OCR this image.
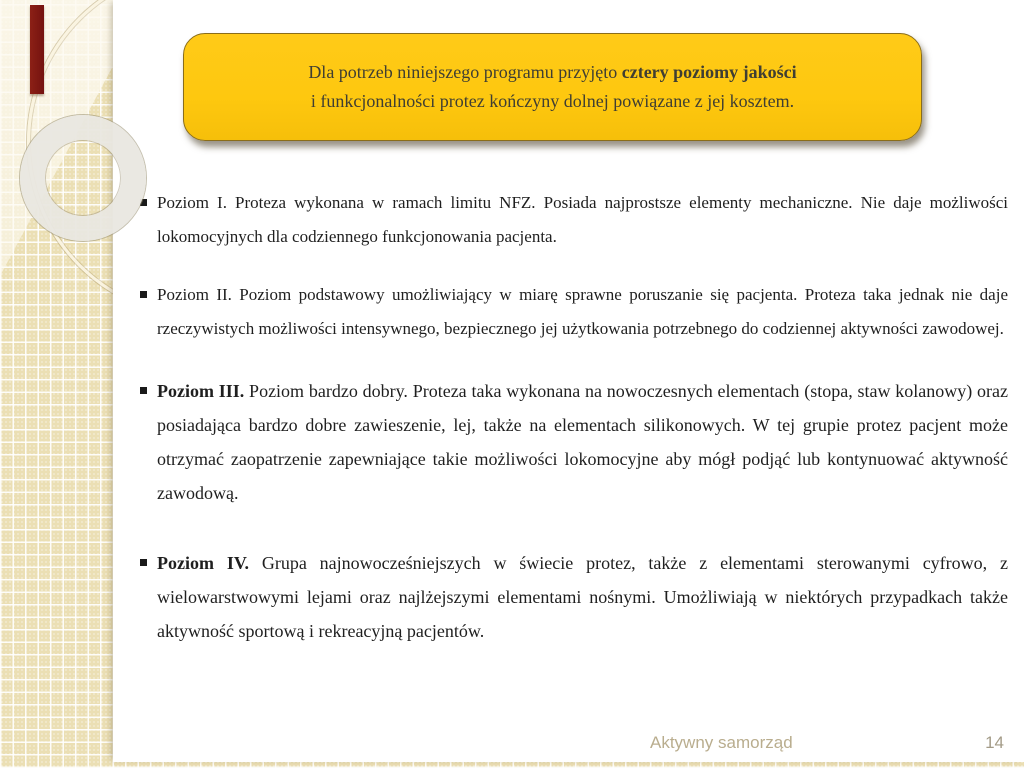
Dla potrzeb niniejszego programu przyjęto cztery poziomy jakości
i funkcjonalności protez kończyny dolnej powiązane z jej kosztem.
Poziom I. Proteza wykonana w ramach limitu NFZ. Posiada najprostsze elementy mechaniczne. Nie daje możliwości lokomocyjnych dla codziennego funkcjonowania pacjenta.
Poziom II. Poziom podstawowy umożliwiający w miarę sprawne poruszanie się pacjenta. Proteza taka jednak nie daje rzeczywistych możliwości intensywnego, bezpiecznego jej użytkowania potrzebnego do codziennej aktywności zawodowej.
Poziom III. Poziom bardzo dobry. Proteza taka wykonana na nowoczesnych elementach (stopa, staw kolanowy) oraz posiadająca bardzo dobre zawieszenie, lej, także na elementach silikonowych. W tej grupie protez pacjent może otrzymać zaopatrzenie zapewniające takie możliwości lokomocyjne aby mógł podjąć lub kontynuować aktywność zawodową.
Poziom IV. Grupa najnowocześniejszych w świecie protez, także z elementami sterowanymi cyfrowo, z wielowarstwowymi lejami oraz najlżejszymi elementami nośnymi. Umożliwiają w niektórych przypadkach także aktywność sportową i rekreacyjną pacjentów.
Aktywny samorząd	14
